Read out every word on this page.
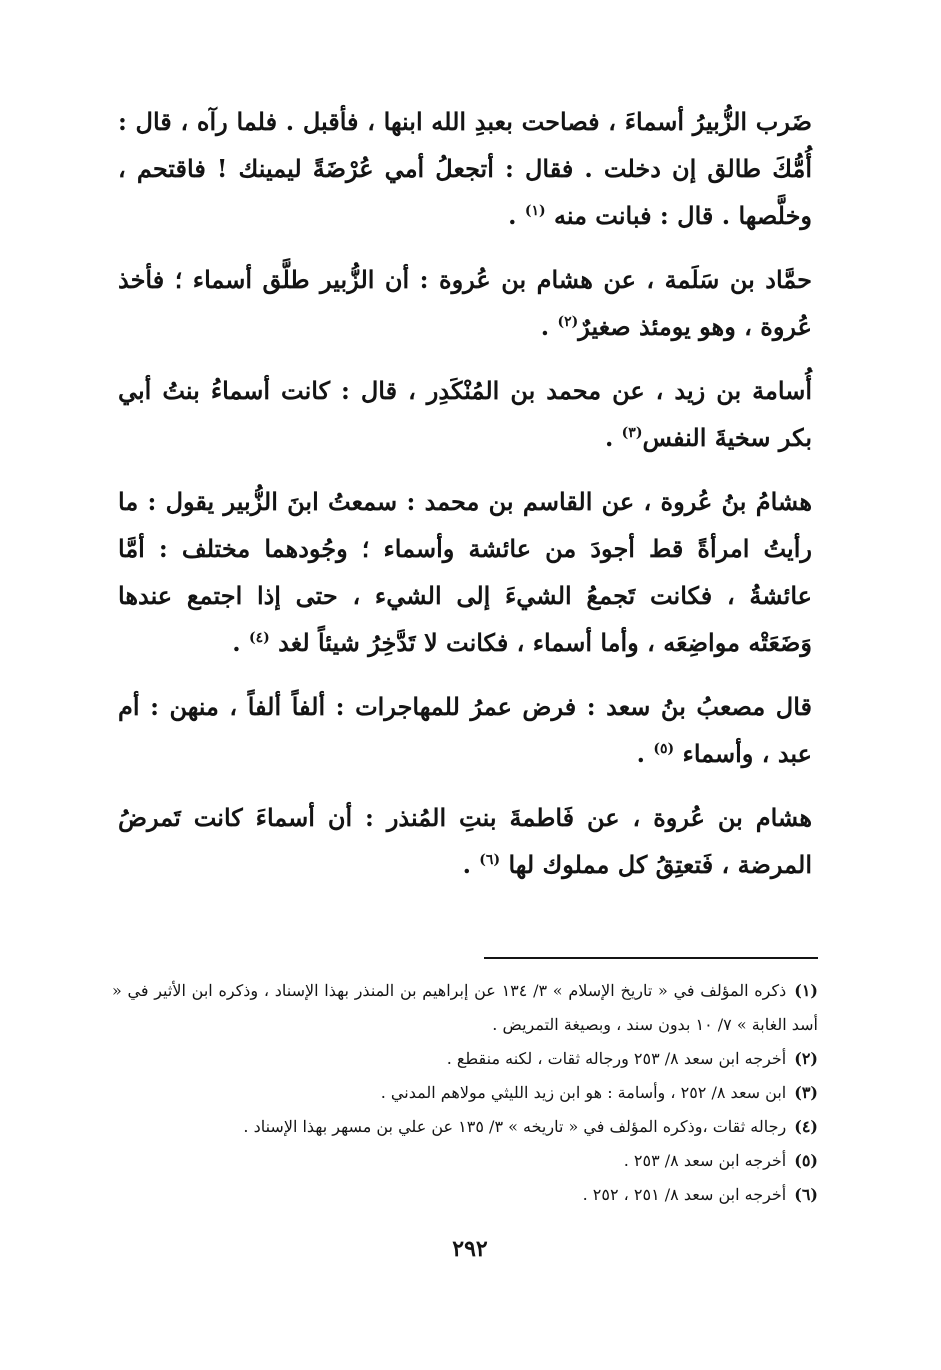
ضَرب الزُّبيرُ أسماءَ ، فصاحت بعبدِ الله ابنها ، فأقبل . فلما رآه ، قال : أُمُّكَ طالق إن دخلت . فقال : أتجعلُ أمي عُرْضَةً ليمينك ! فاقتحم ، وخلَّصها . قال : فبانت منه $^{(١)}$ .

حمَّاد بن سَلَمة ، عن هشام بن عُروة : أن الزُّبير طلَّق أسماء ؛ فأخذ عُروة ، وهو يومئذ صغيرٌ$^{(٢)}$ .

أُسامة بن زيد ، عن محمد بن المُنْكَدِر ، قال : كانت أسماءُ بنتُ أبي بكر سخيةَ النفس$^{(٣)}$ .

هشامُ بنُ عُروة ، عن القاسم بن محمد : سمعتُ ابنَ الزُّبير يقول : ما رأيتُ امرأةً قط أجودَ من عائشة وأسماء ؛ وجُودهما مختلف : أمَّا عائشةُ ، فكانت تَجمعُ الشيءَ إلى الشيء ، حتى إذا اجتمع عندها وَضَعَتْه مواضِعَه ، وأما أسماء ، فكانت لا تَدَّخِرُ شيئاً لغد $^{(٤)}$ .

قال مصعبُ بنُ سعد : فرض عمرُ للمهاجرات : ألفاً ألفاً ، منهن : أم عبد ، وأسماء $^{(٥)}$ .

هشام بن عُروة ، عن فَاطمةَ بنتِ المُنذر : أن أسماءَ كانت تَمرضُ المرضة ، فَتعتِقُ كل مملوك لها $^{(٦)}$ .

(١)ذكره المؤلف في « تاريخ الإسلام » ٣/ ١٣٤ عن إبراهيم بن المنذر بهذا الإسناد ، وذكره ابن الأثير في « أسد الغابة » ٧/ ١٠ بدون سند ، وبصيغة التمريض .
(٢)أخرجه ابن سعد ٨/ ٢٥٣ ورجاله ثقات ، لكنه منقطع .
(٣)ابن سعد ٨/ ٢٥٢ ، وأسامة : هو ابن زيد الليثي مولاهم المدني .
(٤)رجاله ثقات ،وذكره المؤلف في « تاريخه » ٣/ ١٣٥ عن علي بن مسهر بهذا الإسناد .
(٥)أخرجه ابن سعد ٨/ ٢٥٣ .
(٦)أخرجه ابن سعد ٨/ ٢٥١ ، ٢٥٢ .
٢٩٢
